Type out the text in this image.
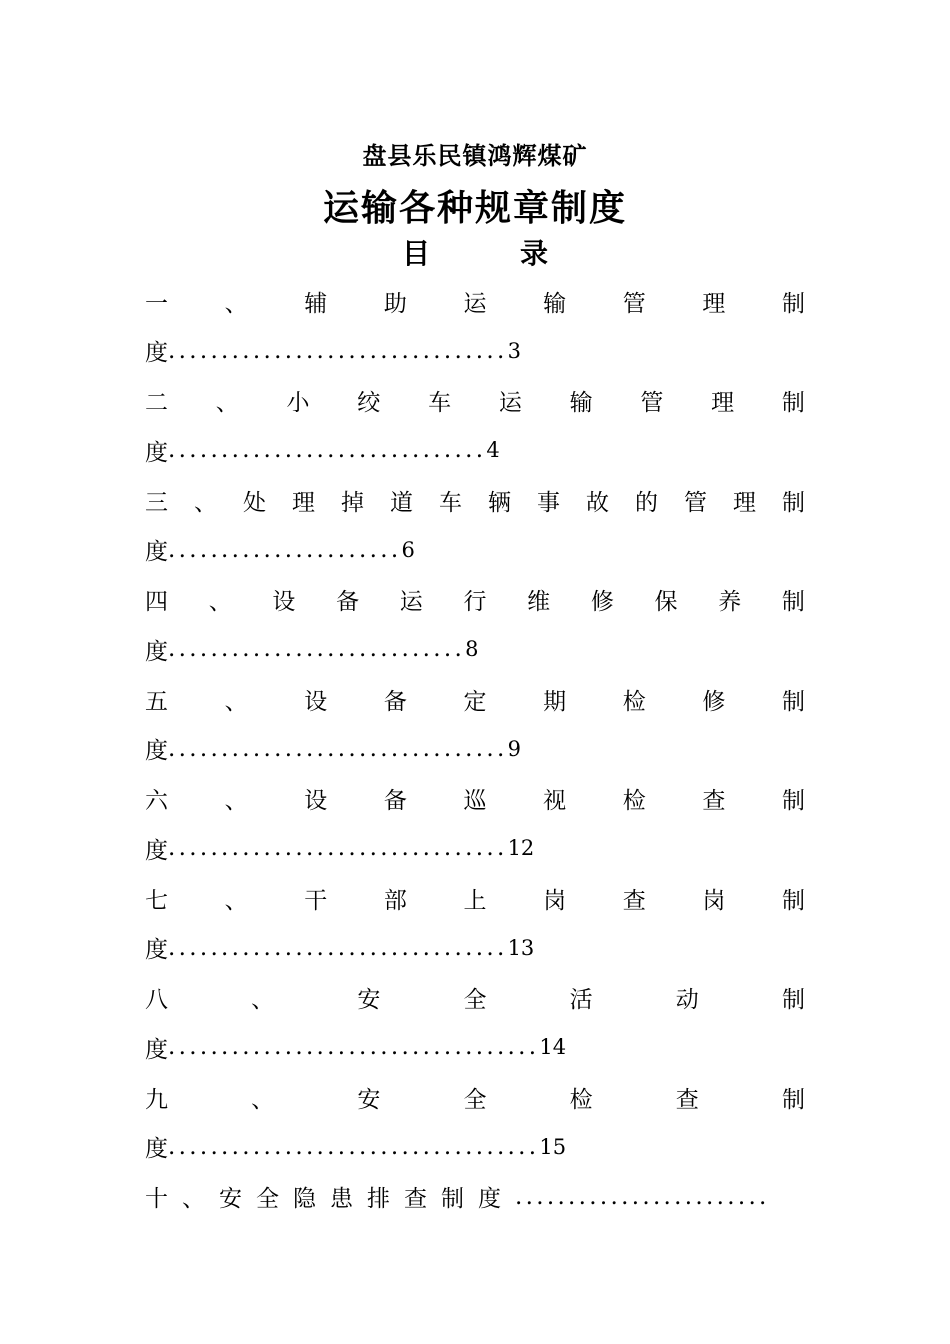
盘县乐民镇鸿辉煤矿
运输各种规章制度
目录
一 、 辅 助 运 输 管 理 制
度 ................................ 3
二 、 小 绞 车 运 输 管 理 制
度 .............................. 4
三 、 处 理 掉 道 车 辆 事 故 的 管 理 制
度 ...................... 6
四 、 设 备 运 行 维 修 保 养 制
度 ............................ 8
五 、 设 备 定 期 检 修 制
度 ................................ 9
六 、 设 备 巡 视 检 查 制
度 ................................ 12
七 、 干 部 上 岗 查 岗 制
度 ................................ 13
八	、	安	全	活	动	制
度 ................................... 14
九	、	安	全	检	查	制
度 ................................... 15
十 、 安 全 隐 患 排 查 制 度 ........................
